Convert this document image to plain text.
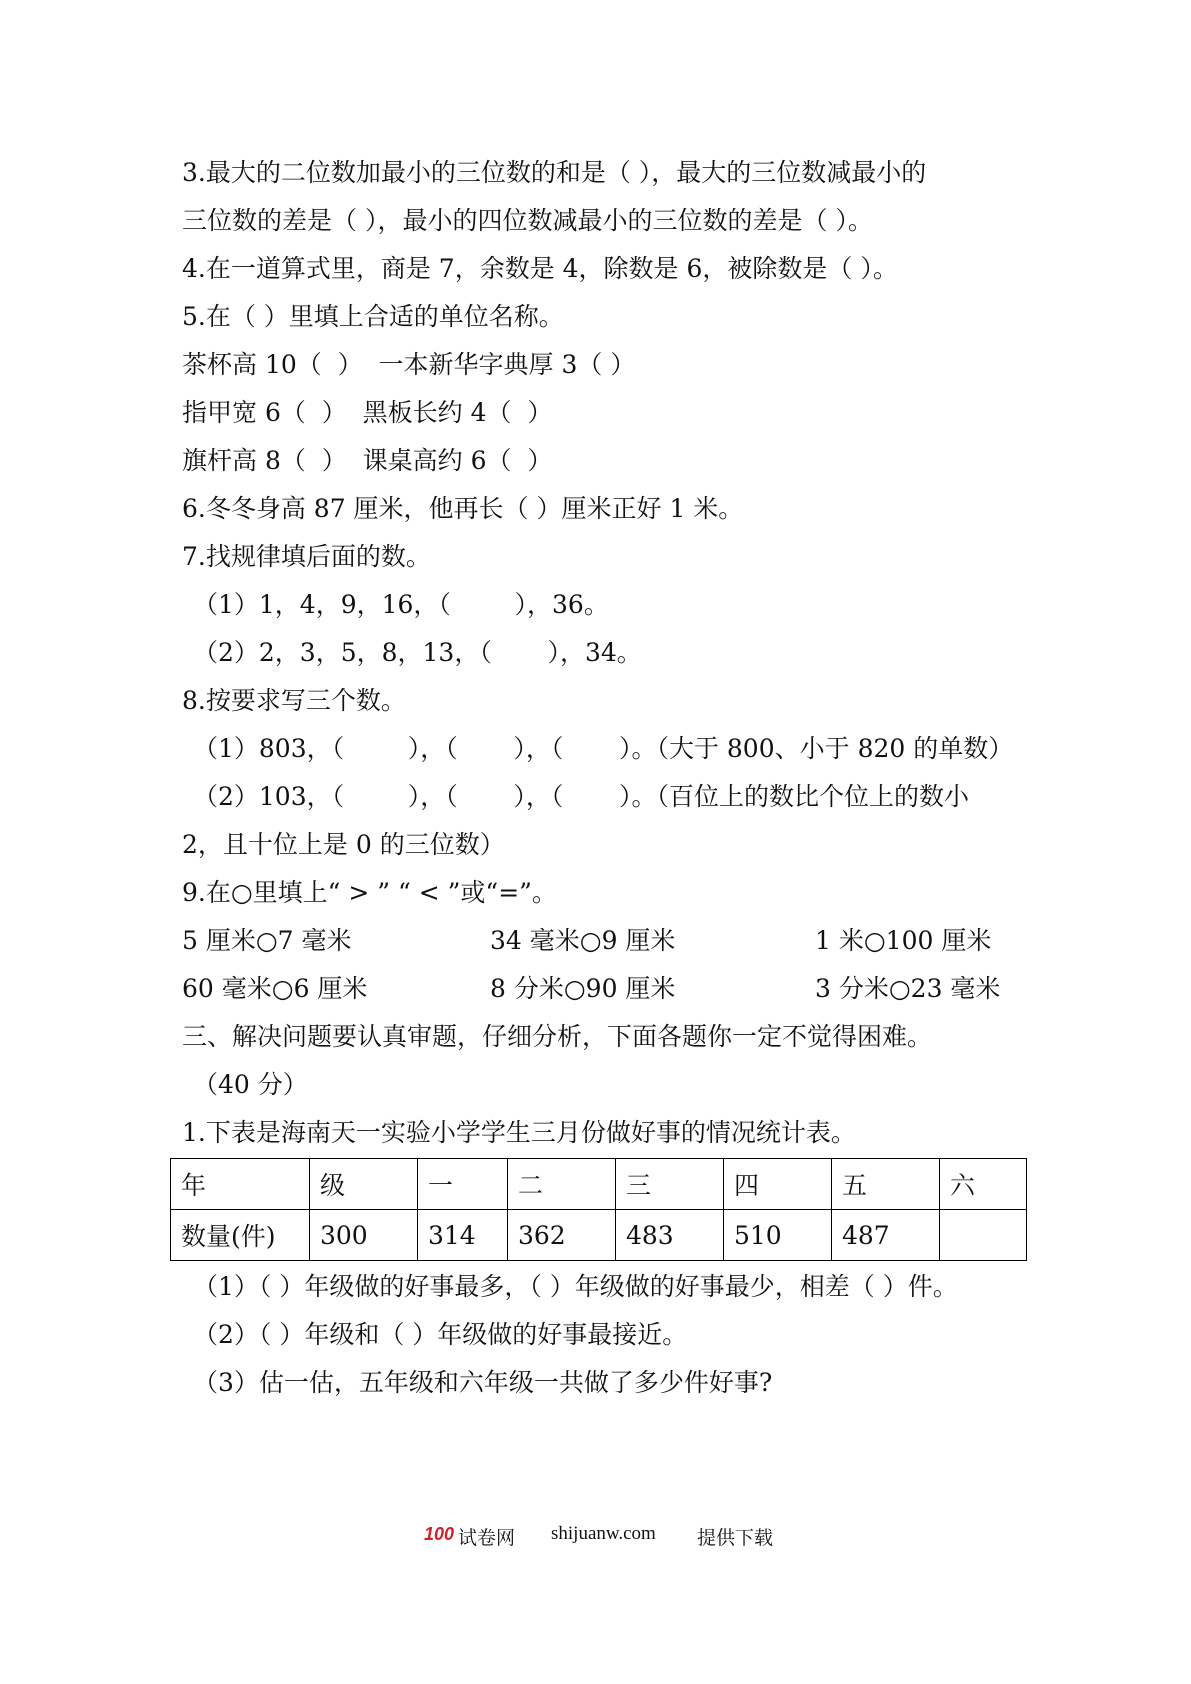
3.最大的二位数加最小的三位数的和是（ ），最大的三位数减最小的
三位数的差是（ ），最小的四位数减最小的三位数的差是（ ）。
4.在一道算式里，商是 7，余数是 4，除数是 6，被除数是（ ）。
5.在（ ）里填上合适的单位名称。
茶杯高 10（  ）  一本新华字典厚 3（ ）
指甲宽 6（  ）  黑板长约 4（  ）
旗杆高 8（  ）  课桌高约 6（  ）
6.冬冬身高 87 厘米，他再长（ ）厘米正好 1 米。
7.找规律填后面的数。
（1）1，4，9，16，（        ），36。
（2）2，3，5，8，13，（       ），34。
8.按要求写三个数。
（1）803，（        ），（       ），（       ）。（大于 800、小于 820 的单数）
（2）103，（        ），（       ），（       ）。（百位上的数比个位上的数小
2，且十位上是 0 的三位数）
9.在○里填上“ > ” “ < ”或“=”。
5 厘米○7 毫米	34 毫米○9 厘米	1 米○100 厘米
60 毫米○6 厘米	8 分米○90 厘米	3 分米○23 毫米
三、解决问题要认真审题，仔细分析，下面各题你一定不觉得困难。
（40 分）
1.下表是海南天一实验小学学生三月份做好事的情况统计表。
年	级	一	二	三	四	五	六
数量(件)	300	314	362	483	510	487	
（1）（ ）年级做的好事最多，（ ）年级做的好事最少，相差（ ）件。
（2）（ ）年级和（ ）年级做的好事最接近。
（3）估一估，五年级和六年级一共做了多少件好事?
100 试卷网 shijuanw.com 提供下载
